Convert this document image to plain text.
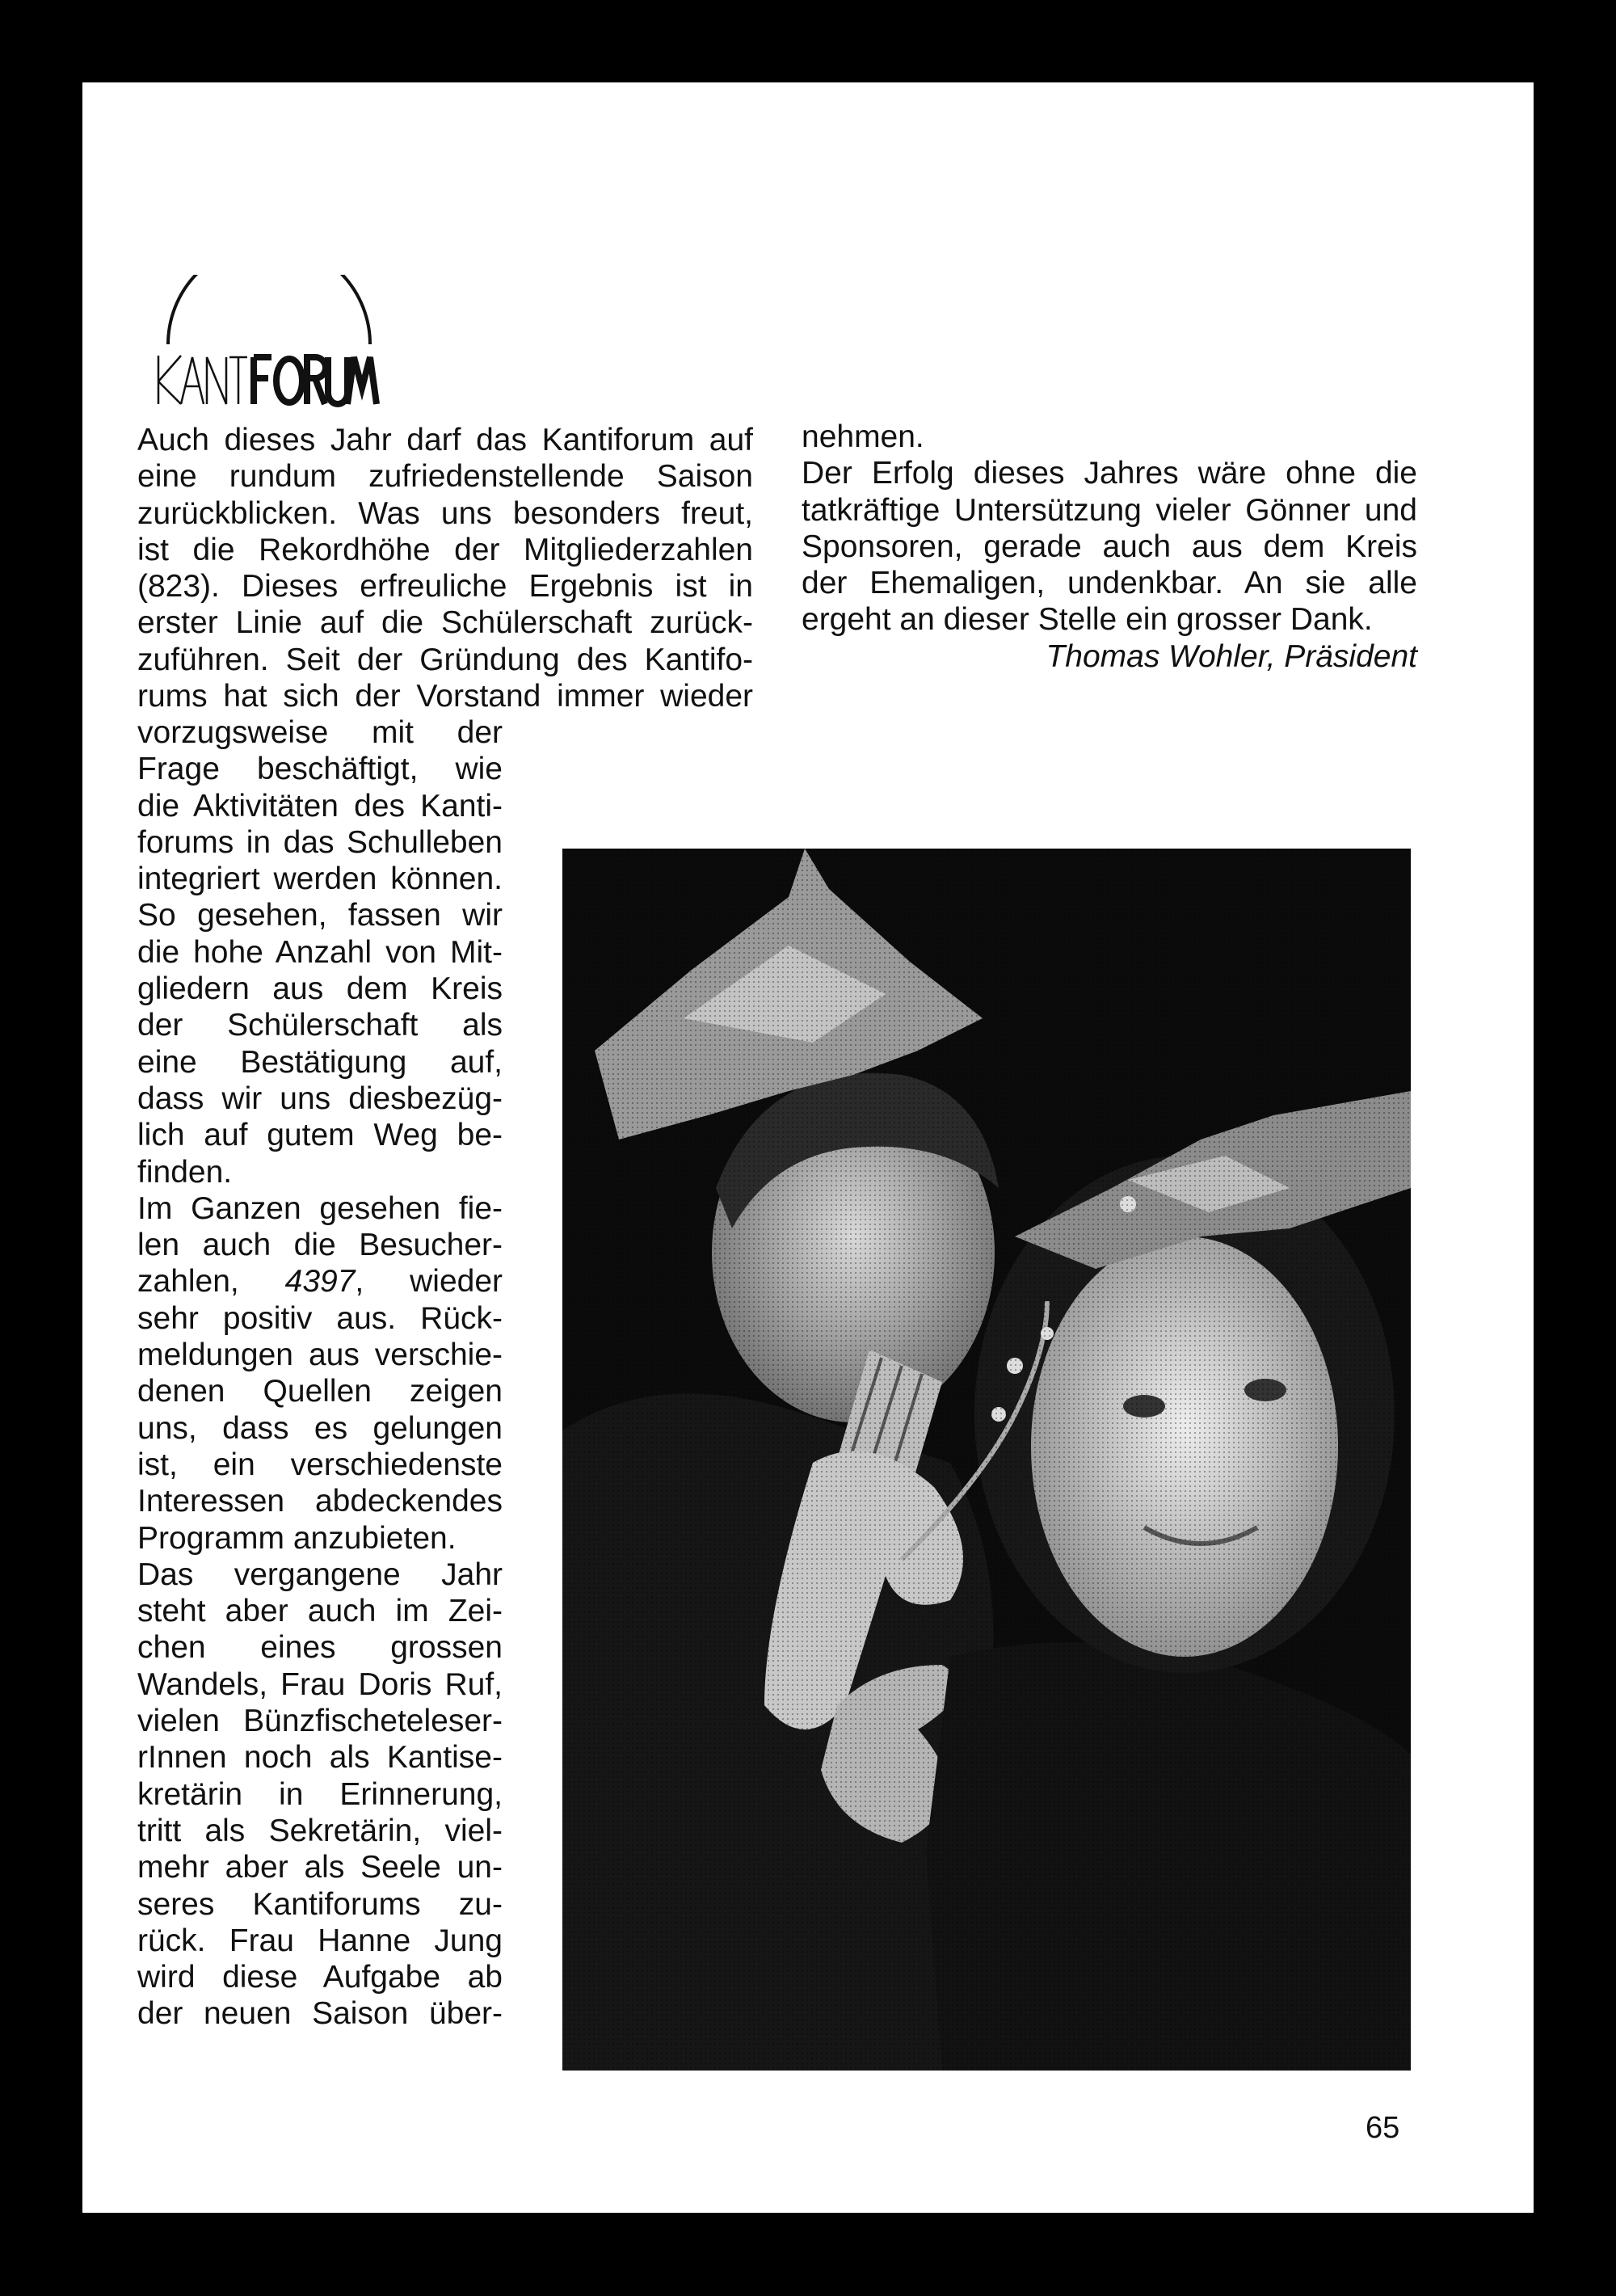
Auch dieses Jahr darf das Kantiforum auf
eine rundum zufriedenstellende Saison
zurückblicken. Was uns besonders freut,
ist die Rekordhöhe der Mitgliederzahlen
(823). Dieses erfreuliche Ergebnis ist in
erster Linie auf die Schülerschaft zurück-
zuführen. Seit der Gründung des Kantifo-
rums hat sich der Vorstand immer wieder
vorzugsweise mit der
Frage beschäftigt, wie
die Aktivitäten des Kanti-
forums in das Schulleben
integriert werden können.
So gesehen, fassen wir
die hohe Anzahl von Mit-
gliedern aus dem Kreis
der Schülerschaft als
eine Bestätigung auf,
dass wir uns diesbezüg-
lich auf gutem Weg be-
finden.
Im Ganzen gesehen fie-
len auch die Besucher-
zahlen, 4397, wieder
sehr positiv aus. Rück-
meldungen aus verschie-
denen Quellen zeigen
uns, dass es gelungen
ist, ein verschiedenste
Interessen abdeckendes
Programm anzubieten.
Das vergangene Jahr
steht aber auch im Zei-
chen eines grossen
Wandels, Frau Doris Ruf,
vielen Bünzfischeteleser-
rInnen noch als Kantise-
kretärin in Erinnerung,
tritt als Sekretärin, viel-
mehr aber als Seele un-
seres Kantiforums zu-
rück. Frau Hanne Jung
wird diese Aufgabe ab
der neuen Saison über-
nehmen.
Der Erfolg dieses Jahres wäre ohne die
tatkräftige Untersützung vieler Gönner und
Sponsoren, gerade auch aus dem Kreis
der Ehemaligen, undenkbar. An sie alle
ergeht an dieser Stelle ein grosser Dank.
Thomas Wohler, Präsident
65
